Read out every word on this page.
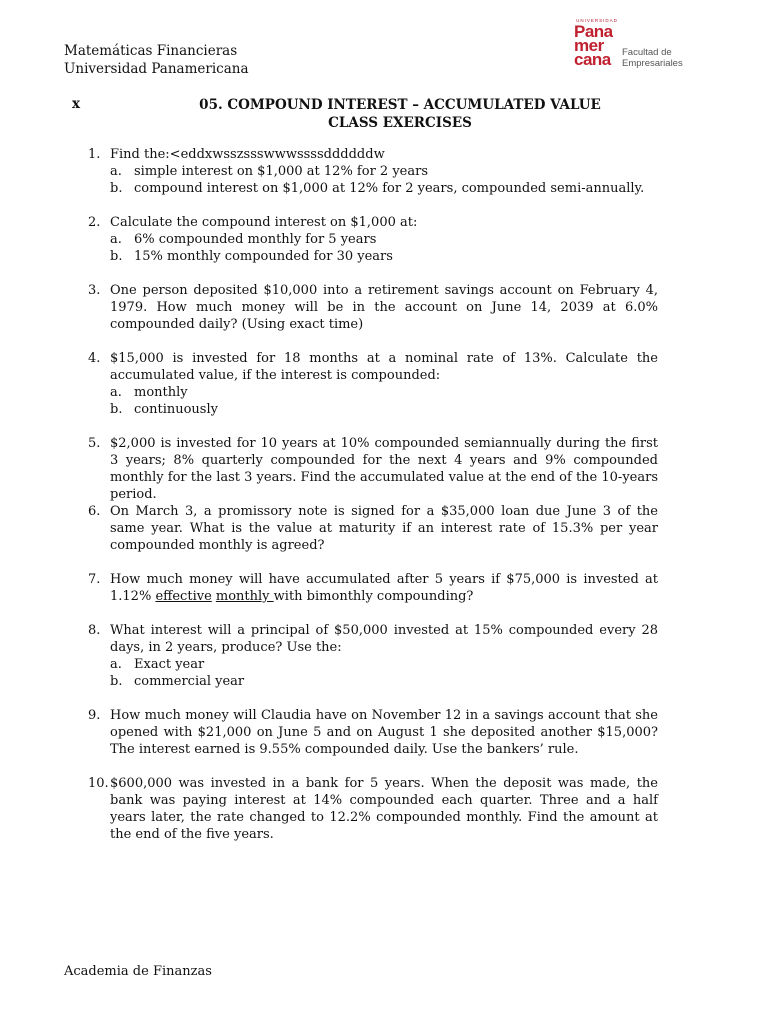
Matemáticas Financieras
Universidad Panamericana
UNIVERSIDAD
Pana
mer
cana	Facultad de
Empresariales
x	05. COMPOUND INTEREST – ACCUMULATED VALUE
CLASS EXERCISES
1. Find the:<eddxwsszssswwwssssddddddw
a. simple interest on $1,000 at 12% for 2 years
b. compound interest on $1,000 at 12% for 2 years, compounded semi-annually.
2. Calculate the compound interest on $1,000 at:
a. 6% compounded monthly for 5 years
b. 15% monthly compounded for 30 years
3. One person deposited $10,000 into a retirement savings account on February 4, 1979. How much money will be in the account on June 14, 2039 at 6.0% compounded daily? (Using exact time)
4. $15,000 is invested for 18 months at a nominal rate of 13%. Calculate the accumulated value, if the interest is compounded:
a. monthly
b. continuously
5. $2,000 is invested for 10 years at 10% compounded semiannually during the first 3 years; 8% quarterly compounded for the next 4 years and 9% compounded monthly for the last 3 years. Find the accumulated value at the end of the 10-years period.
6. On March 3, a promissory note is signed for a $35,000 loan due June 3 of the same year. What is the value at maturity if an interest rate of 15.3% per year compounded monthly is agreed?
7. How much money will have accumulated after 5 years if $75,000 is invested at 1.12% effective monthly with bimonthly compounding?
8. What interest will a principal of $50,000 invested at 15% compounded every 28 days, in 2 years, produce? Use the:
a. Exact year
b. commercial year
9. How much money will Claudia have on November 12 in a savings account that she opened with $21,000 on June 5 and on August 1 she deposited another $15,000? The interest earned is 9.55% compounded daily. Use the bankers’ rule.
10. $600,000 was invested in a bank for 5 years. When the deposit was made, the bank was paying interest at 14% compounded each quarter. Three and a half years later, the rate changed to 12.2% compounded monthly. Find the amount at the end of the five years.
Academia de Finanzas
